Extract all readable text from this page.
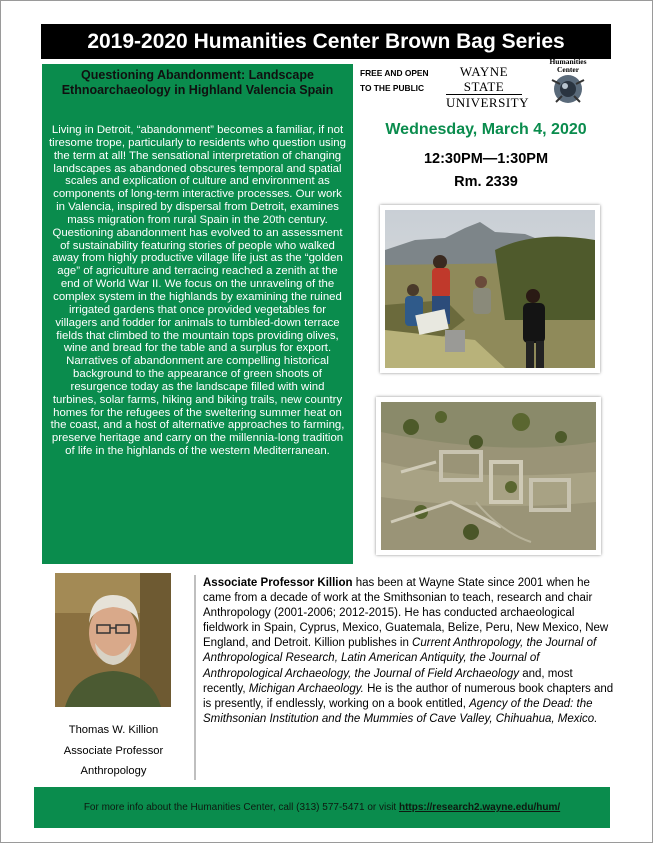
2019-2020 Humanities Center Brown Bag Series
Questioning Abandonment: Landscape Ethnoarchaeology in Highland Valencia Spain
Living in Detroit, “abandonment” becomes a familiar, if not tiresome trope, particularly to residents who question using the term at all! The sensational interpretation of changing landscapes as abandoned obscures temporal and spatial scales and explication of culture and environment as components of long-term interactive processes. Our work in Valencia, inspired by dispersal from Detroit, examines mass migration from rural Spain in the 20th century. Questioning abandonment has evolved to an assessment of sustainability featuring stories of people who walked away from highly productive village life just as the “golden age” of agriculture and terracing reached a zenith at the end of World War II. We focus on the unraveling of the complex system in the highlands by examining the ruined irrigated gardens that once provided vegetables for villagers and fodder for animals to tumbled-down terrace fields that climbed to the mountain tops providing olives, wine and bread for the table and a surplus for export. Narratives of abandonment are compelling historical background to the appearance of green shoots of resurgence today as the landscape filled with wind turbines, solar farms, hiking and biking trails, new country homes for the refugees of the sweltering summer heat on the coast, and a host of alternative approaches to farming, preserve heritage and carry on the millennia-long tradition of life in the highlands of the western Mediterranean.
FREE AND OPEN
TO THE PUBLIC
WAYNE STATE
UNIVERSITY
Humanities
Center
Wednesday, March 4, 2020
12:30PM—1:30PM
Rm. 2339
Thomas W. Killion
Associate Professor
Anthropology
Associate Professor Killion has been at Wayne State since 2001 when he came from a decade of work at the Smithsonian to teach, research and chair Anthropology (2001-2006; 2012-2015). He has conducted archaeological fieldwork in Spain, Cyprus, Mexico, Guatemala, Belize, Peru, New Mexico, New England, and Detroit. Killion publishes in Current Anthropology, the Journal of Anthropological Research, Latin American Antiquity, the Journal of Anthropological Archaeology, the Journal of Field Archaeology and, most recently, Michigan Archaeology. He is the author of numerous book chapters and is presently, if endlessly, working on a book entitled, Agency of the Dead: the Smithsonian Institution and the Mummies of Cave Valley, Chihuahua, Mexico.
For more info about the Humanities Center, call (313) 577-5471 or visit https://research2.wayne.edu/hum/
